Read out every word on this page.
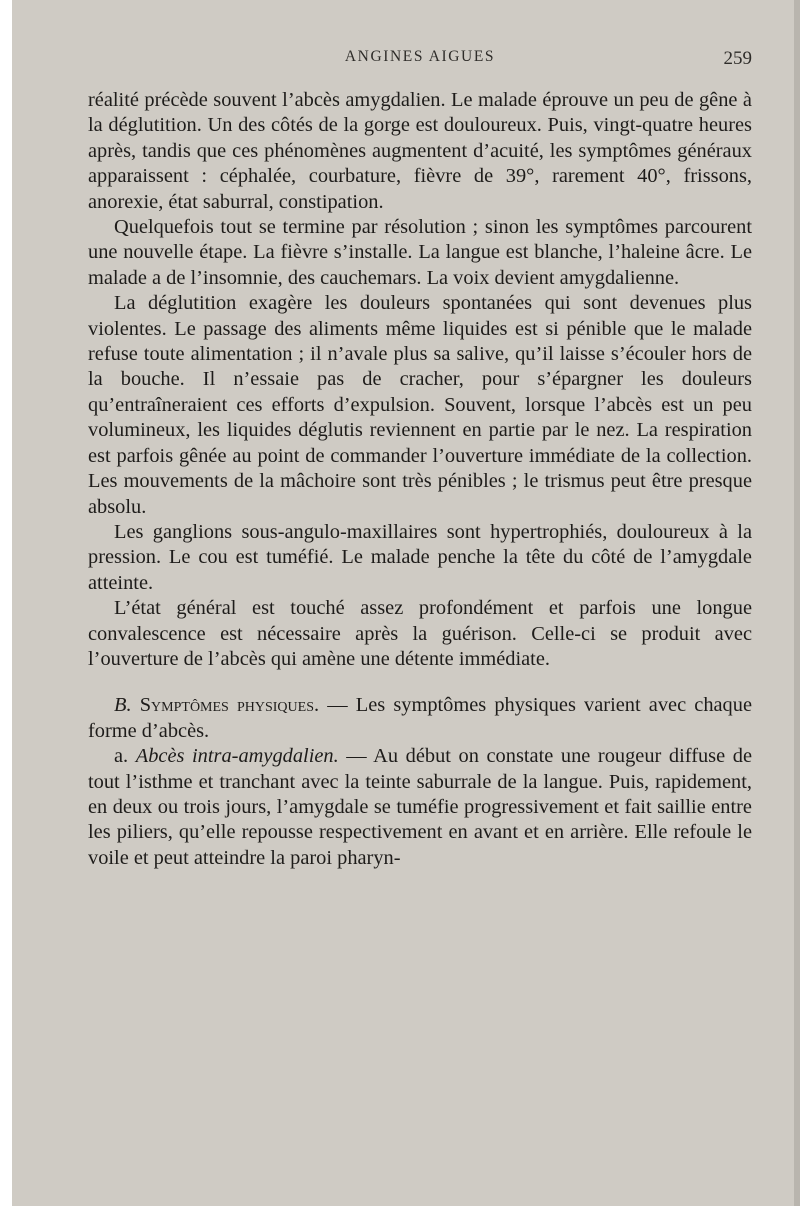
ANGINES AIGUES	259

réalité précède souvent l’abcès amygdalien. Le malade éprouve un peu de gêne à la déglutition. Un des côtés de la gorge est douloureux. Puis, vingt-quatre heures après, tandis que ces phénomènes augmentent d’acuité, les symptômes généraux apparaissent : céphalée, courbature, fièvre de 39°, rarement 40°, frissons, anorexie, état saburral, constipation.

Quelquefois tout se termine par résolution ; sinon les symptômes parcourent une nouvelle étape. La fièvre s’installe. La langue est blanche, l’haleine âcre. Le malade a de l’insomnie, des cauchemars. La voix devient amygdalienne.

La déglutition exagère les douleurs spontanées qui sont devenues plus violentes. Le passage des aliments même liquides est si pénible que le malade refuse toute alimentation ; il n’avale plus sa salive, qu’il laisse s’écouler hors de la bouche. Il n’essaie pas de cracher, pour s’épargner les douleurs qu’entraîneraient ces efforts d’expulsion. Souvent, lorsque l’abcès est un peu volumineux, les liquides déglutis reviennent en partie par le nez. La respiration est parfois gênée au point de commander l’ouverture immédiate de la collection. Les mouvements de la mâchoire sont très pénibles ; le trismus peut être presque absolu.

Les ganglions sous-angulo-maxillaires sont hypertrophiés, douloureux à la pression. Le cou est tuméfié. Le malade penche la tête du côté de l’amygdale atteinte.

L’état général est touché assez profondément et parfois une longue convalescence est nécessaire après la guérison. Celle-ci se produit avec l’ouverture de l’abcès qui amène une détente immédiate.

B. Symptômes physiques. — Les symptômes physiques varient avec chaque forme d’abcès.

a. Abcès intra-amygdalien. — Au début on constate une rougeur diffuse de tout l’isthme et tranchant avec la teinte saburrale de la langue. Puis, rapidement, en deux ou trois jours, l’amygdale se tuméfie progressivement et fait saillie entre les piliers, qu’elle repousse respectivement en avant et en arrière. Elle refoule le voile et peut atteindre la paroi pharyn-
